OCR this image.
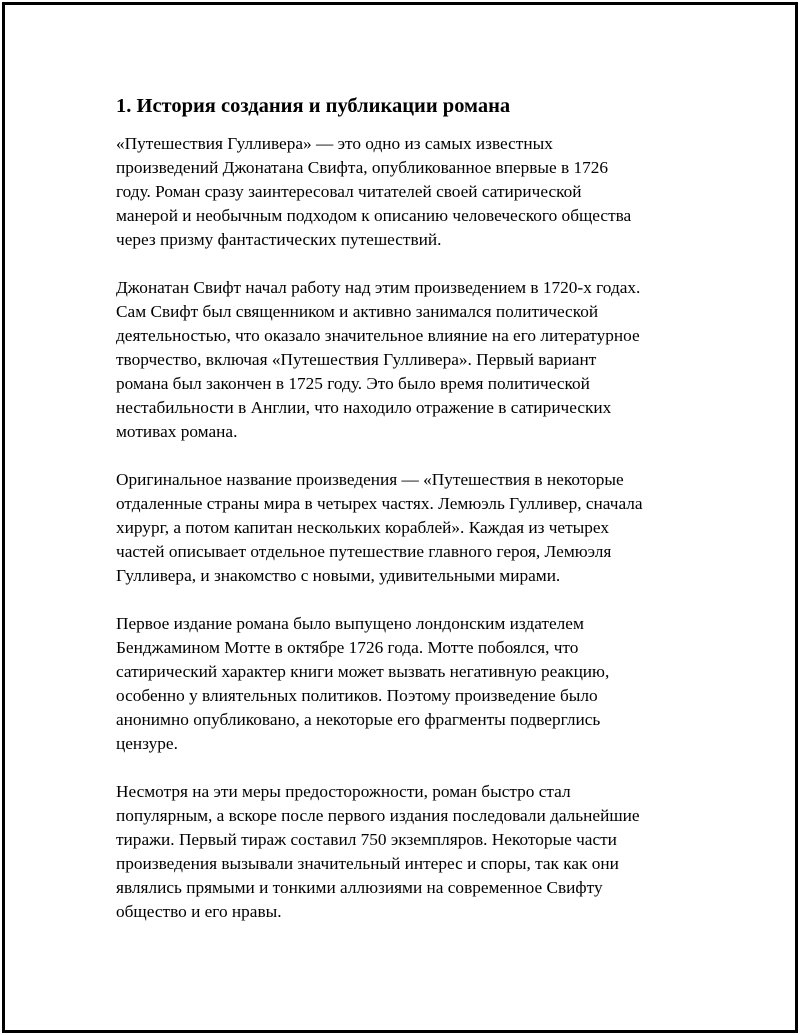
1. История создания и публикации романа

«Путешествия Гулливера» — это одно из самых известных
произведений Джонатана Свифта, опубликованное впервые в 1726
году. Роман сразу заинтересовал читателей своей сатирической
манерой и необычным подходом к описанию человеческого общества
через призму фантастических путешествий.

Джонатан Свифт начал работу над этим произведением в 1720-х годах.
Сам Свифт был священником и активно занимался политической
деятельностью, что оказало значительное влияние на его литературное
творчество, включая «Путешествия Гулливера». Первый вариант
романа был закончен в 1725 году. Это было время политической
нестабильности в Англии, что находило отражение в сатирических
мотивах романа.

Оригинальное название произведения — «Путешествия в некоторые
отдаленные страны мира в четырех частях. Лемюэль Гулливер, сначала
хирург, а потом капитан нескольких кораблей». Каждая из четырех
частей описывает отдельное путешествие главного героя, Лемюэля
Гулливера, и знакомство с новыми, удивительными мирами.

Первое издание романа было выпущено лондонским издателем
Бенджамином Мотте в октябре 1726 года. Мотте побоялся, что
сатирический характер книги может вызвать негативную реакцию,
особенно у влиятельных политиков. Поэтому произведение было
анонимно опубликовано, а некоторые его фрагменты подверглись
цензуре.

Несмотря на эти меры предосторожности, роман быстро стал
популярным, а вскоре после первого издания последовали дальнейшие
тиражи. Первый тираж составил 750 экземпляров. Некоторые части
произведения вызывали значительный интерес и споры, так как они
являлись прямыми и тонкими аллюзиями на современное Свифту
общество и его нравы.
